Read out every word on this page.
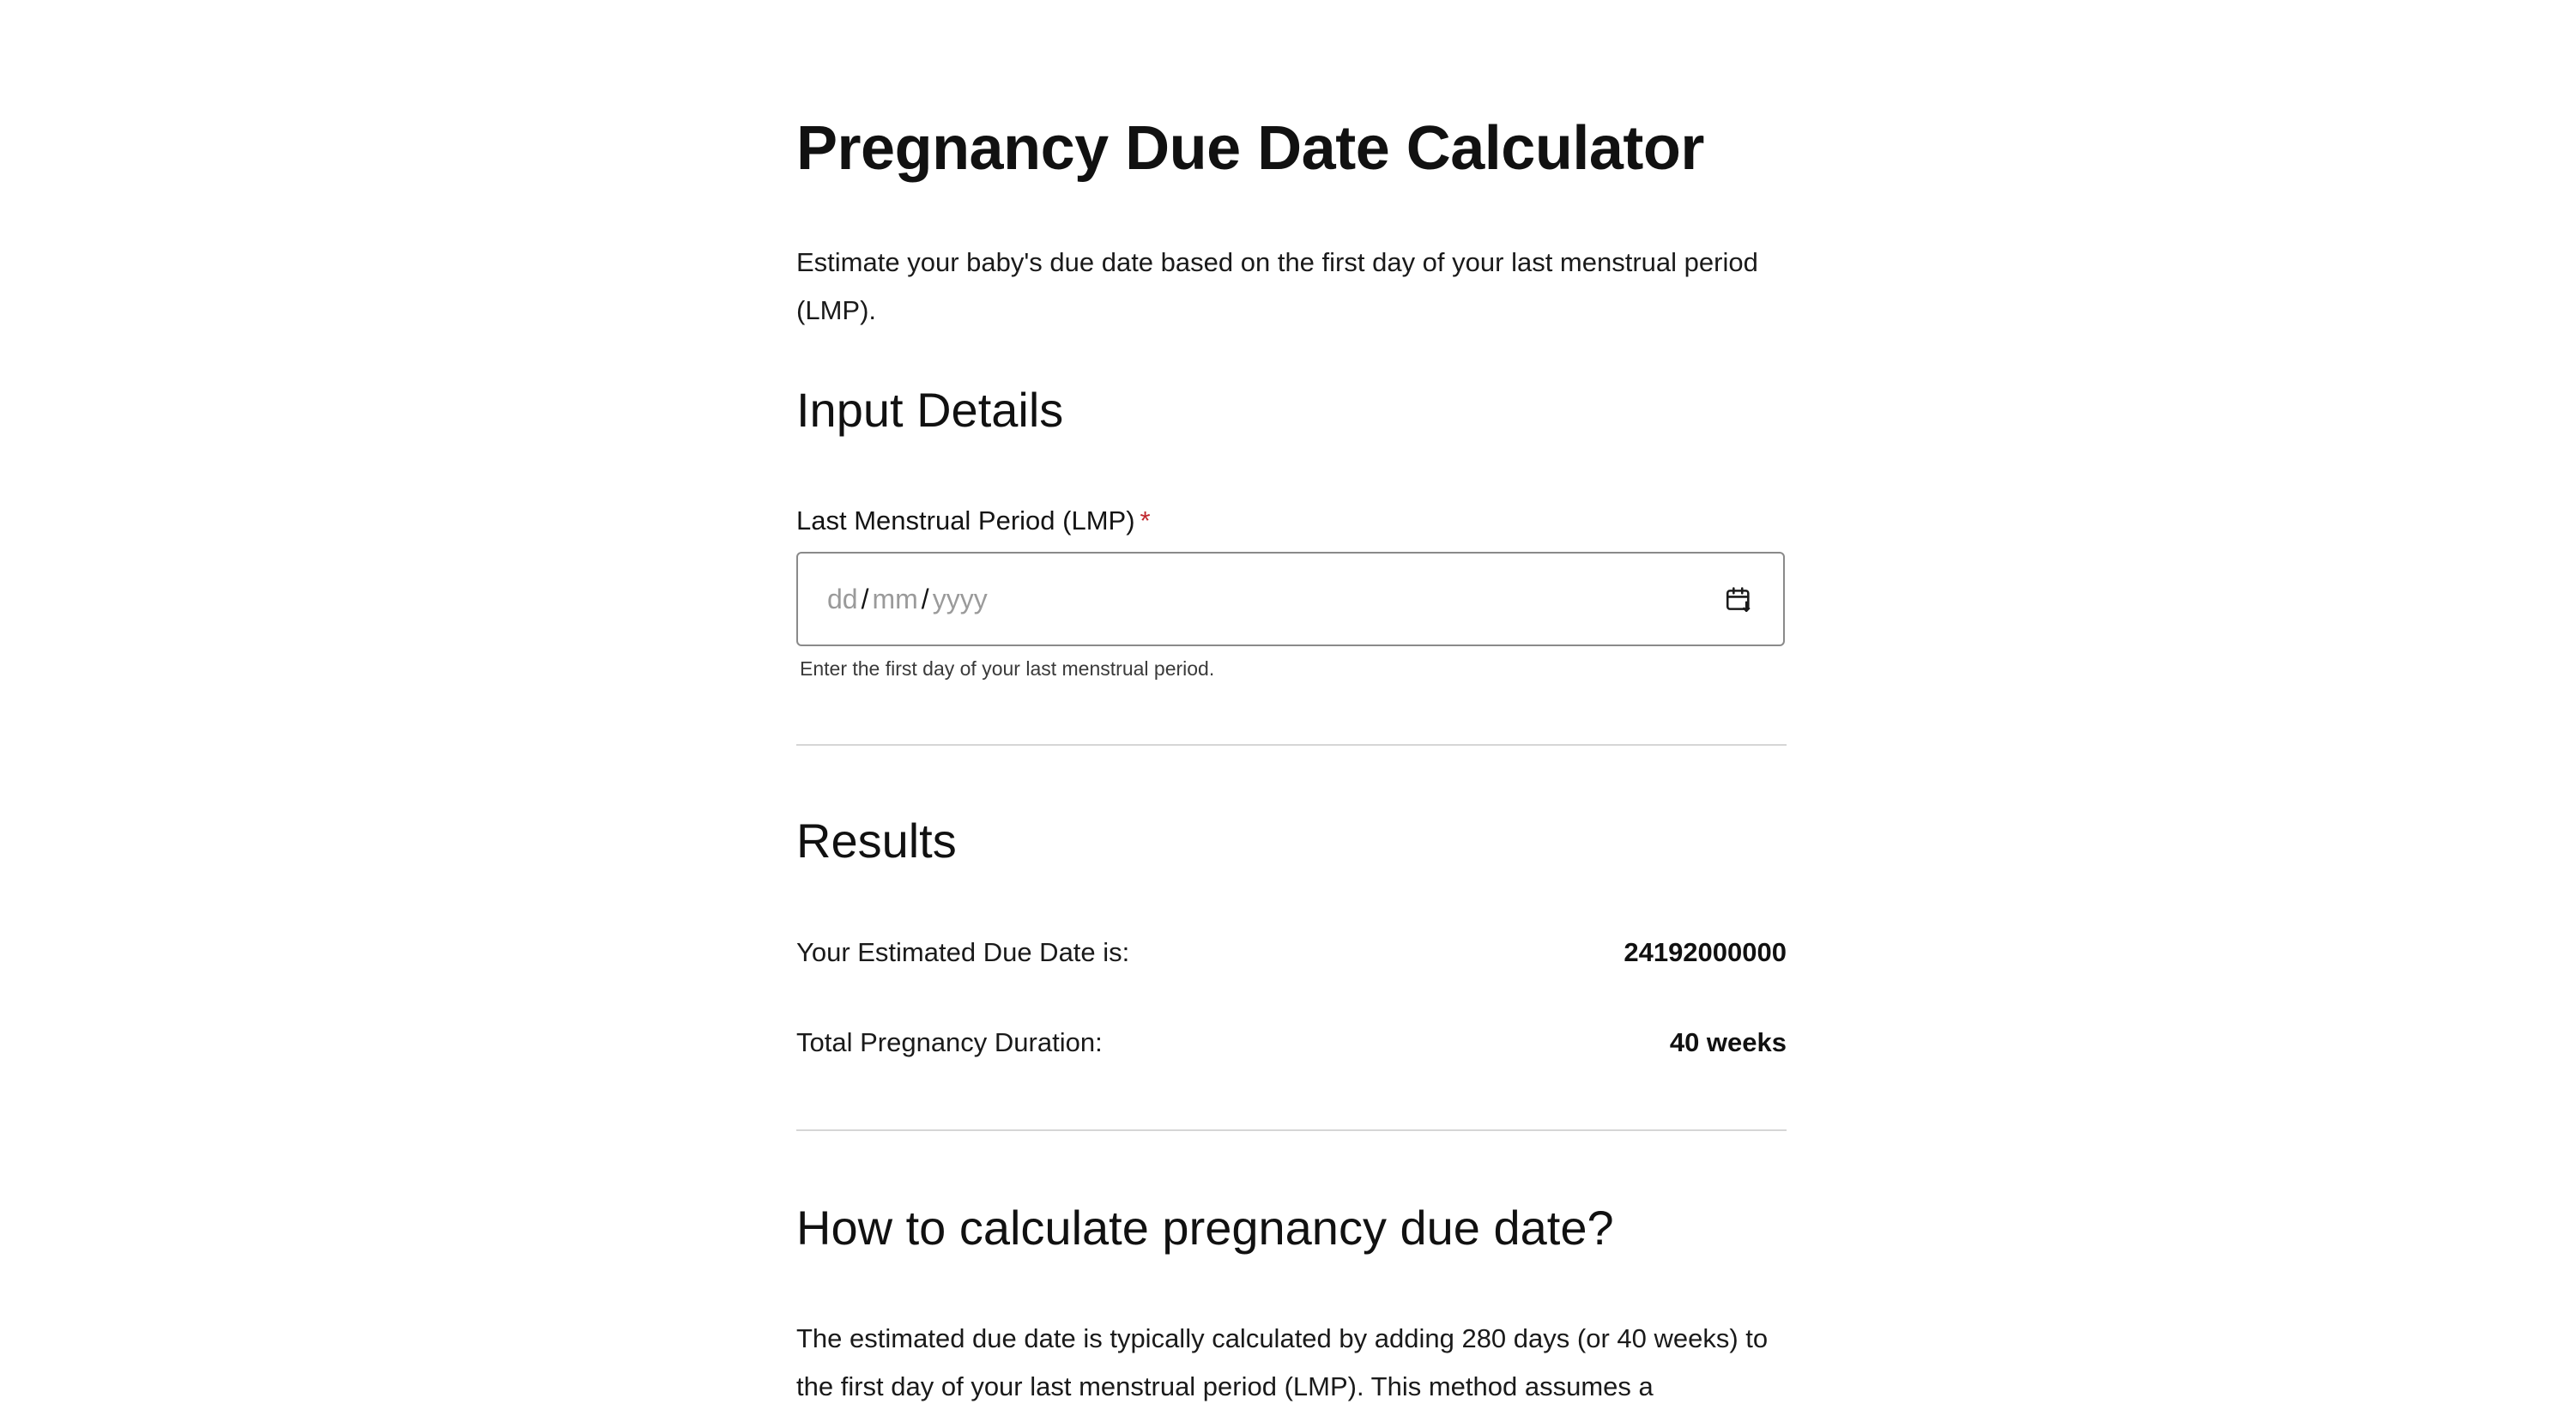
Pregnancy Due Date Calculator

Estimate your baby's due date based on the first day of your last menstrual period (LMP).

Input Details
Last Menstrual Period (LMP) *
dd / mm / yyyy
Enter the first day of your last menstrual period.
Results
Your Estimated Due Date is:	24192000000
Total Pregnancy Duration:	40 weeks
How to calculate pregnancy due date?

The estimated due date is typically calculated by adding 280 days (or 40 weeks) to the first day of your last menstrual period (LMP). This method assumes a
